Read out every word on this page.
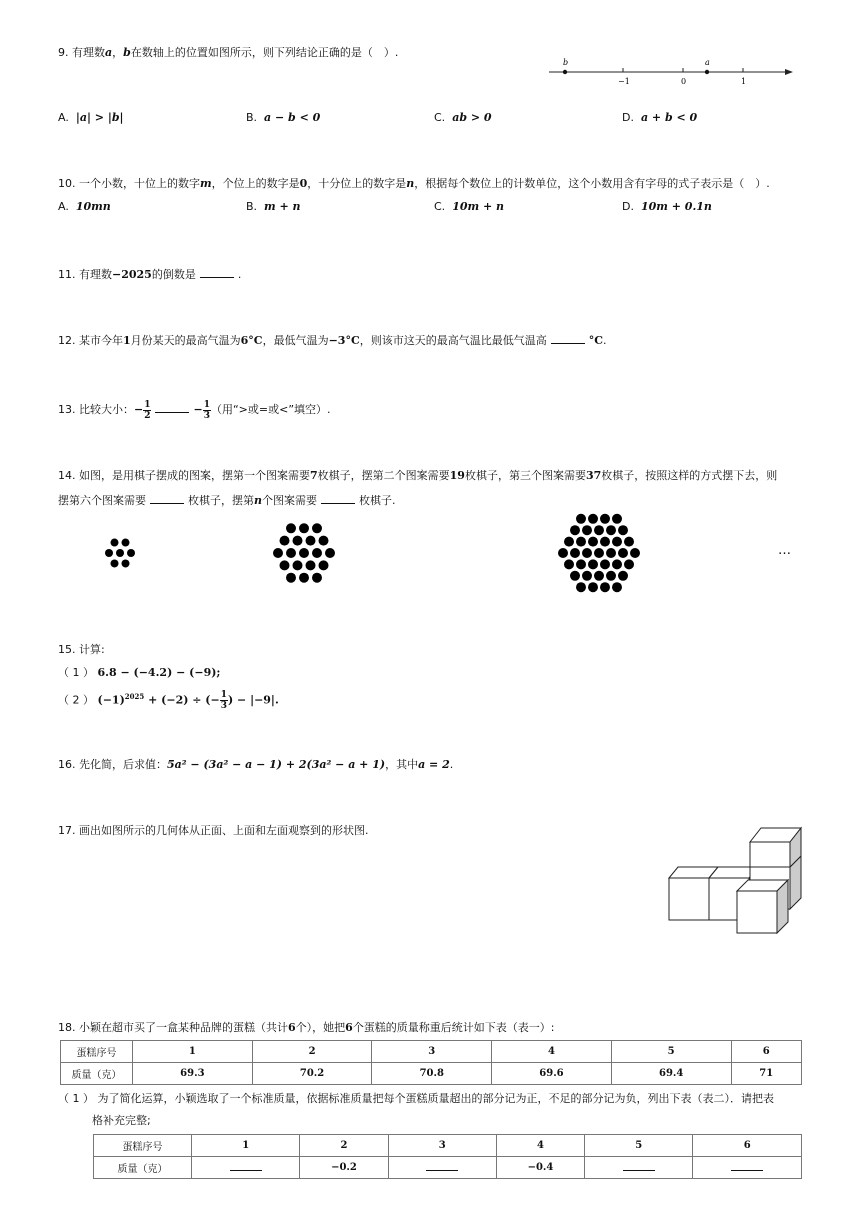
9. 有理数a，b在数轴上的位置如图所示，则下列结论正确的是（　）.
b	a
−1	0	1
A. |a| > |b|	B. a − b < 0	C. ab > 0	D. a + b < 0
10. 一个小数，十位上的数字m，个位上的数字是0，十分位上的数字是n，根据每个数位上的计数单位，这个小数用含有字母的式子表示是（　）.
A. 10mn	B. m + n	C. 10m + n	D. 10m + 0.1n
11. 有理数−2025的倒数是	.
12. 某市今年1月份某天的最高气温为6°C，最低气温为−3°C，则该市这天的最高气温比最低气温高	°C.
13. 比较大小：− $\frac{1}{2}$	− $\frac{1}{3}$ （用“>或=或<”填空）.
14. 如图，是用棋子摆成的图案，摆第一个图案需要7枚棋子，摆第二个图案需要19枚棋子，第三个图案需要37枚棋子，按照这样的方式摆下去，则
摆第六个图案需要	枚棋子，摆第n个图案需要	枚棋子.
…
15. 计算:
（ 1 ） 6.8 − (−4.2) − (−9);
（ 2 ） $(-1)^{2025} + (-2)$ ÷ (− $\frac{1}{3}$ ) − |−9|.
16. 先化简，后求值：5a² − (3a² − a − 1) + 2(3a² − a + 1)，其中a = 2.
17. 画出如图所示的几何体从正面、上面和左面观察到的形状图.
18. 小颖在超市买了一盒某种品牌的蛋糕（共计6个），她把6个蛋糕的质量称重后统计如下表（表一）:
蛋糕序号	1	2	3	4	5	6
质量（克）	69.3	70.2	70.8	69.6	69.4	71
（ 1 ） 为了简化运算，小颖选取了一个标准质量，依据标准质量把每个蛋糕质量超出的部分记为正，不足的部分记为负，列出下表（表二）．请把表
格补充完整;
蛋糕序号	1	2	3	4	5	6
质量（克）		−0.2		−0.4		
